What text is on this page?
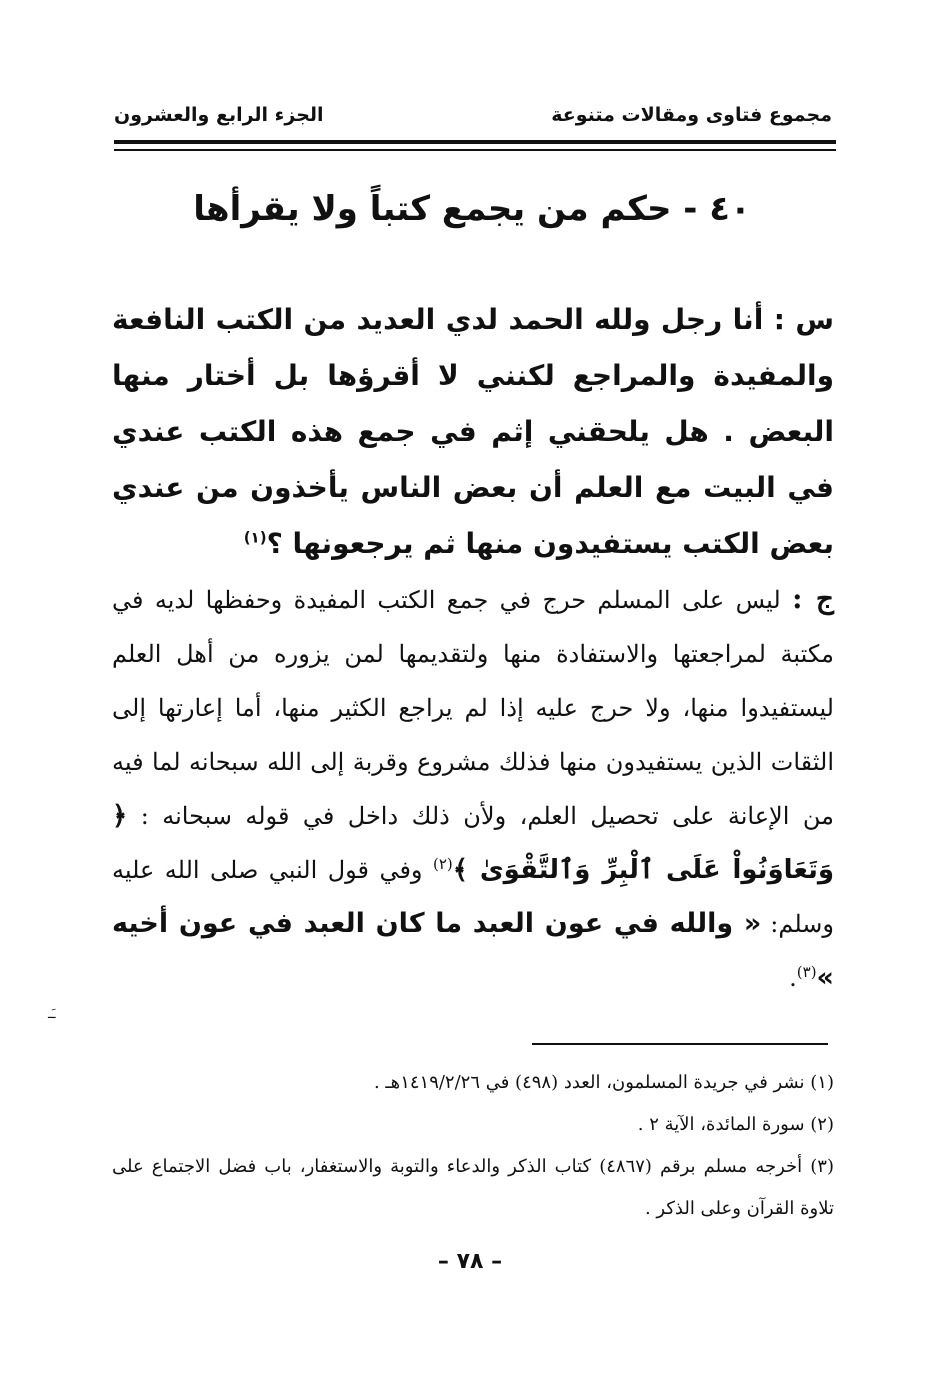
مجموع فتاوى ومقالات متنوعة
الجزء الرابع والعشرون
٤٠ - حكم من يجمع كتباً ولا يقرأها

س : أنا رجل ولله الحمد لدي العديد من الكتب النافعة والمفيدة والمراجع لكنني لا أقرؤها بل أختار منها البعض . هل يلحقني إثم في جمع هذه الكتب عندي في البيت مع العلم أن بعض الناس يأخذون من عندي بعض الكتب يستفيدون منها ثم يرجعونها ؟$^{(١)}$

ج : ليس على المسلم حرج في جمع الكتب المفيدة وحفظها لديه في مكتبة لمراجعتها والاستفادة منها ولتقديمها لمن يزوره من أهل العلم ليستفيدوا منها، ولا حرج عليه إذا لم يراجع الكثير منها، أما إعارتها إلى الثقات الذين يستفيدون منها فذلك مشروع وقربة إلى الله سبحانه لما فيه من الإعانة على تحصيل العلم، ولأن ذلك داخل في قوله سبحانه : ﴿ وَتَعَاوَنُواْ عَلَى ٱلْبِرِّ وَٱلتَّقْوَىٰ ﴾$^{(٢)}$ وفي قول النبي صلى الله عليه وسلم: « والله في عون العبد ما كان العبد في عون أخيه »$^{(٣)}$.

ـَـ

(١) نشر في جريدة المسلمون، العدد (٤٩٨) في ١٤١٩/٢/٢٦هـ .

(٢) سورة المائدة، الآية ٢ .

(٣) أخرجه مسلم برقم (٤٨٦٧) كتاب الذكر والدعاء والتوبة والاستغفار، باب فضل الاجتماع على تلاوة القرآن وعلى الذكر .

– ٧٨ –
